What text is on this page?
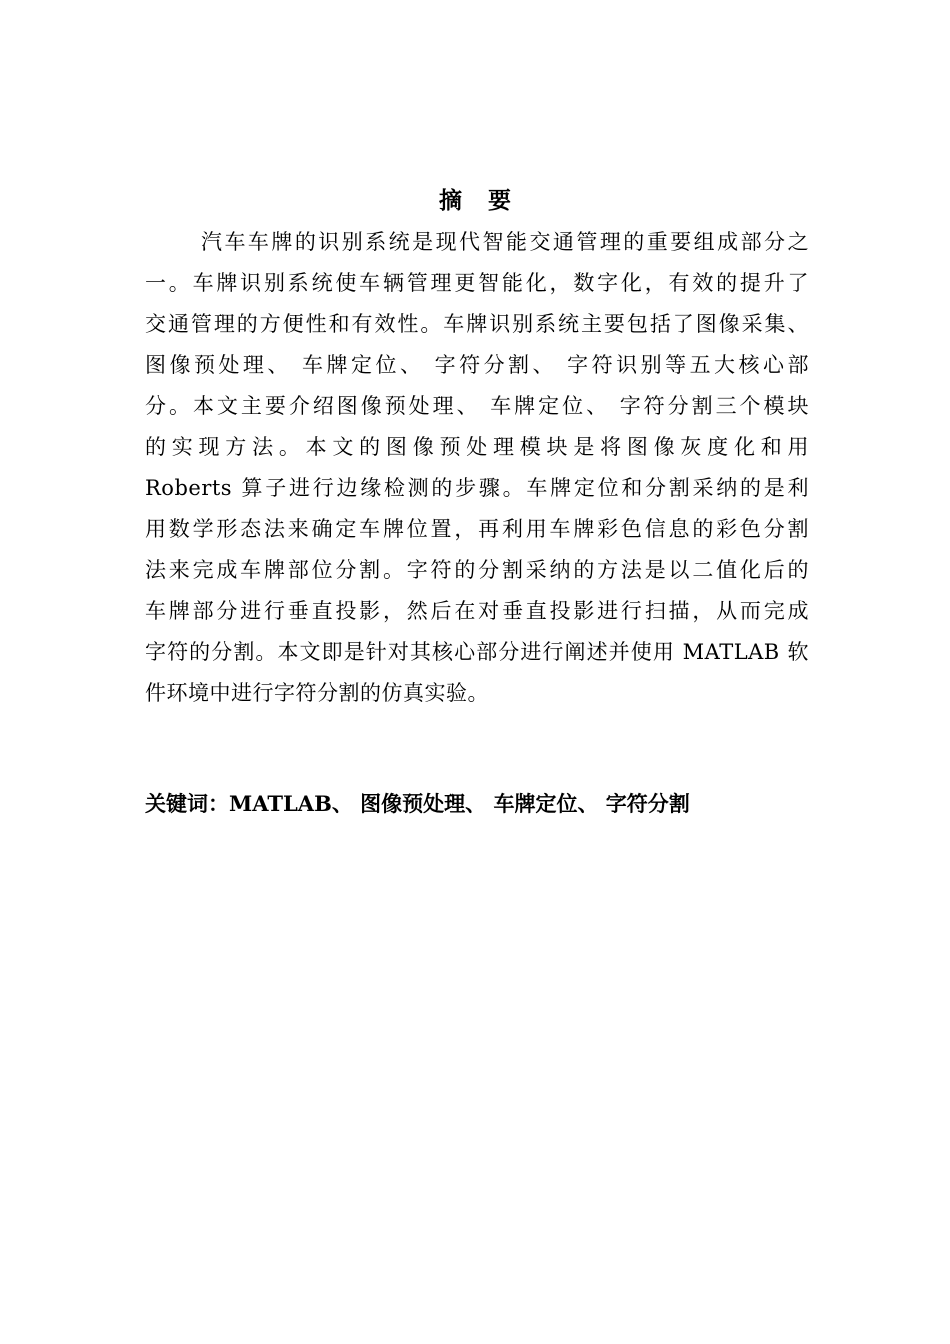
摘 要
汽车车牌的识别系统是现代智能交通管理的重要组成部分之
一。车牌识别系统使车辆管理更智能化，数字化，有效的提升了
交通管理的方便性和有效性。车牌识别系统主要包括了图像采集、
图像预处理、 车牌定位、 字符分割、 字符识别等五大核心部
分。本文主要介绍图像预处理、 车牌定位、 字符分割三个模块
的实现方法。本文的图像预处理模块是将图像灰度化和用
Roberts 算子进行边缘检测的步骤。车牌定位和分割采纳的是利
用数学形态法来确定车牌位置，再利用车牌彩色信息的彩色分割
法来完成车牌部位分割。字符的分割采纳的方法是以二值化后的
车牌部分进行垂直投影，然后在对垂直投影进行扫描，从而完成
字符的分割。本文即是针对其核心部分进行阐述并使用 MATLAB 软
件环境中进行字符分割的仿真实验。
关键词：MATLAB、 图像预处理、 车牌定位、 字符分割
